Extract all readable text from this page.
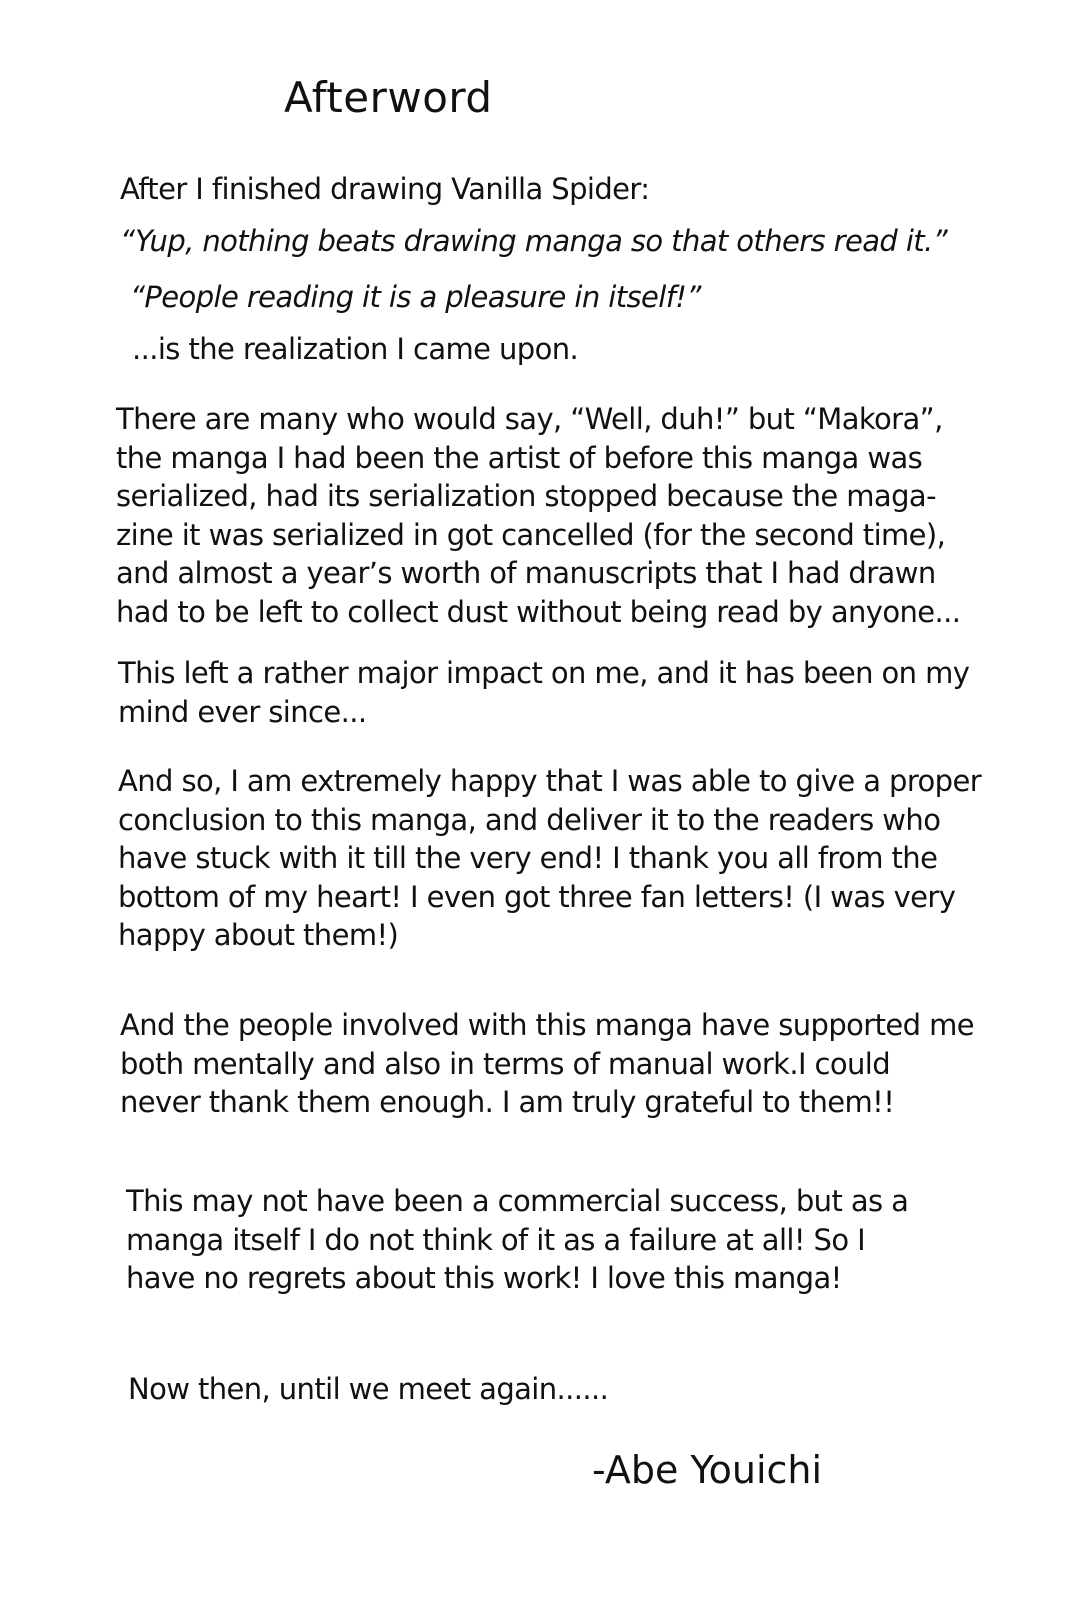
Afterword
After I finished drawing Vanilla Spider:
“Yup, nothing beats drawing manga so that others read it.”
“People reading it is a pleasure in itself!”
...is the realization I came upon.
There are many who would say, “Well, duh!” but “Makora”,
the manga I had been the artist of before this manga was
serialized, had its serialization stopped because the maga-
zine it was serialized in got cancelled (for the second time),
and almost a year’s worth of manuscripts that I had drawn
had to be left to collect dust without being read by anyone...
This left a rather major impact on me, and it has been on my
mind ever since...
And so, I am extremely happy that I was able to give a proper
conclusion to this manga, and deliver it to the readers who
have stuck with it till the very end! I thank you all from the
bottom of my heart! I even got three fan letters! (I was very
happy about them!)
And the people involved with this manga have supported me
both mentally and also in terms of manual work.I could
never thank them enough. I am truly grateful to them!!
This may not have been a commercial success, but as a
manga itself I do not think of it as a failure at all! So I
have no regrets about this work! I love this manga!
Now then, until we meet again......
-Abe Youichi
